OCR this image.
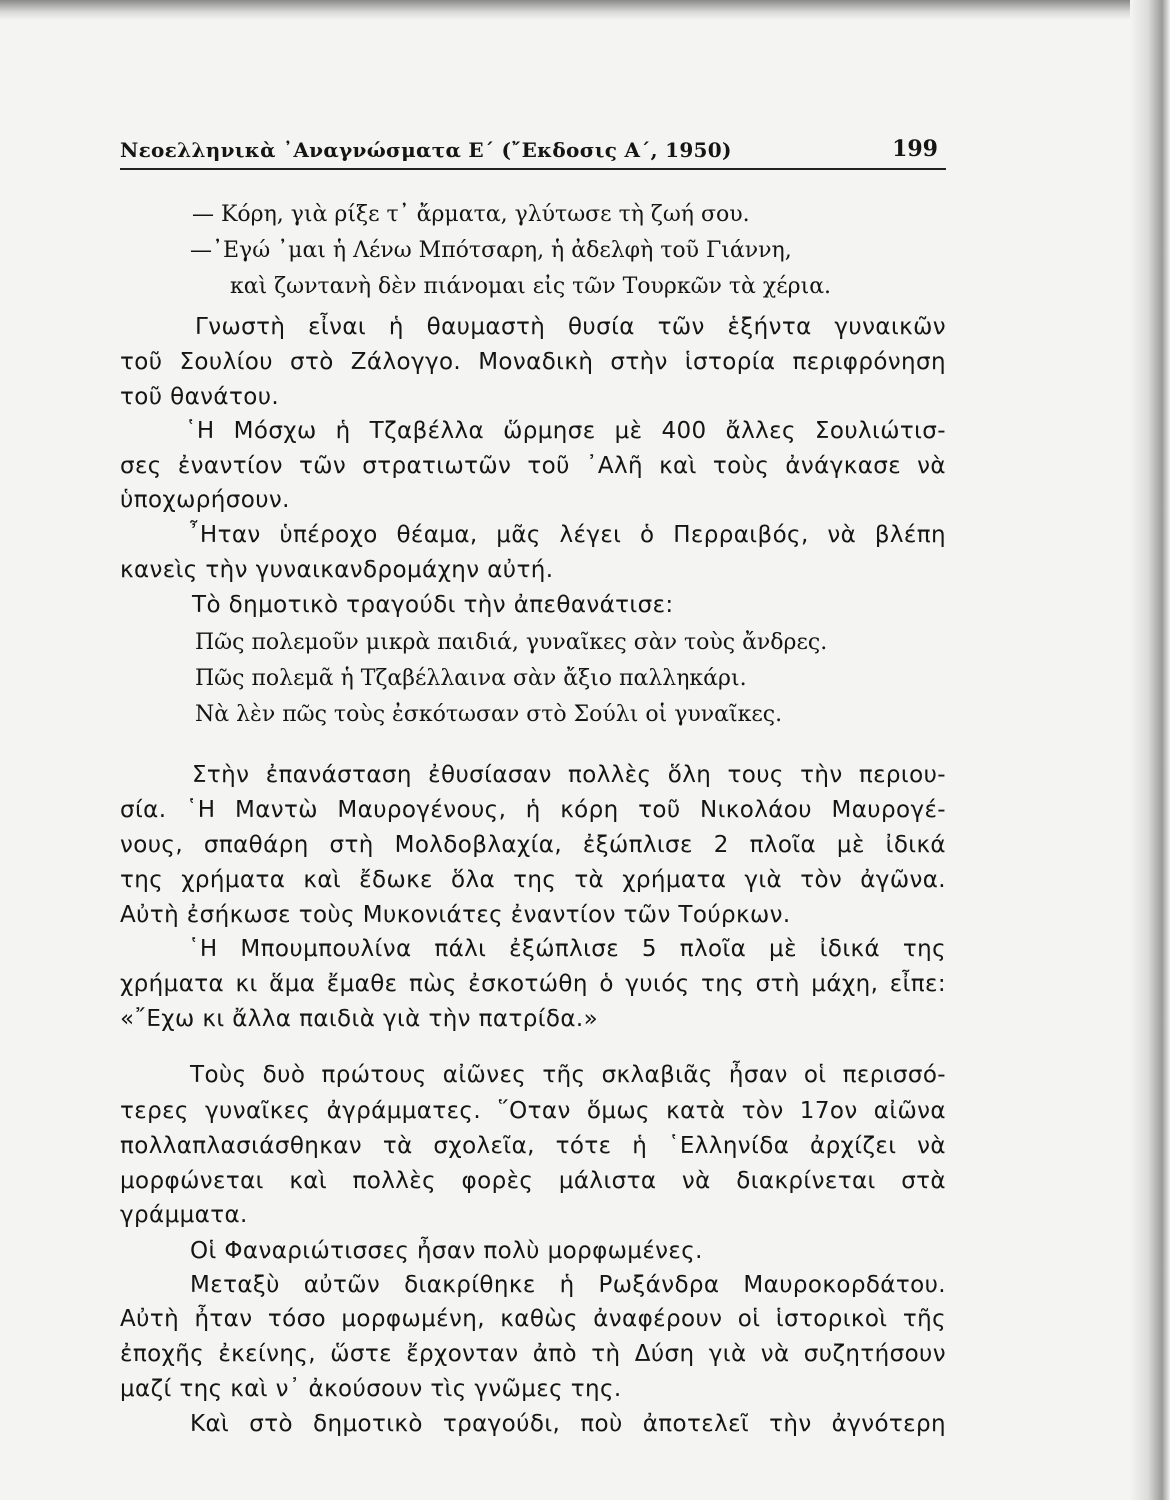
Νεοελληνικὰ ᾿Αναγνώσματα Ε΄ (῎Εκδοσις Α΄, 1950)	199
— Κόρη, γιὰ ρίξε τ᾿ ἄρματα, γλύτωσε τὴ ζωή σου.
—᾿Εγώ ᾿μαι ἡ Λένω Μπότσαρη, ἡ ἀδελφὴ τοῦ Γιάννη,
καὶ ζωντανὴ δὲν πιάνομαι εἰς τῶν Τουρκῶν τὰ χέρια.
Γνωστὴ εἶναι ἡ θαυμαστὴ θυσία τῶν ἑξήντα γυναικῶν
τοῦ Σουλίου στὸ Ζάλογγο. Μοναδικὴ στὴν ἱστορία περιφρόνηση
τοῦ θανάτου.
῾Η Μόσχω ἡ Τζαβέλλα ὥρμησε μὲ 400 ἄλλες Σουλιώτισ-
σες ἐναντίον τῶν στρατιωτῶν τοῦ ᾿Αλῆ καὶ τοὺς ἀνάγκασε νὰ
ὑποχωρήσουν.
῏Ηταν ὑπέροχο θέαμα, μᾶς λέγει ὁ Περραιβός, νὰ βλέπη
κανεὶς τὴν γυναικανδρομάχην αὐτή.
Τὸ δημοτικὸ τραγούδι τὴν ἀπεθανάτισε:
Πῶς πολεμοῦν μικρὰ παιδιά, γυναῖκες σὰν τοὺς ἄνδρες.
Πῶς πολεμᾶ ἡ Τζαβέλλαινα σὰν ἄξιο παλληκάρι.
Νὰ λὲν πῶς τοὺς ἐσκότωσαν στὸ Σούλι οἱ γυναῖκες.
Στὴν ἐπανάσταση ἐθυσίασαν πολλὲς ὅλη τους τὴν περιου-
σία. ῾Η Μαντὼ Μαυρογένους, ἡ κόρη τοῦ Νικολάου Μαυρογέ-
νους, σπαθάρη στὴ Μολδοβλαχία, ἐξώπλισε 2 πλοῖα μὲ ἰδικά
της χρήματα καὶ ἔδωκε ὅλα της τὰ χρήματα γιὰ τὸν ἀγῶνα.
Αὐτὴ ἐσήκωσε τοὺς Μυκονιάτες ἐναντίον τῶν Τούρκων.
῾Η Μπουμπουλίνα πάλι ἐξώπλισε 5 πλοῖα μὲ ἰδικά της
χρήματα κι ἅμα ἔμαθε πὼς ἐσκοτώθη ὁ γυιός της στὴ μάχη, εἶπε:
«῎Εχω κι ἄλλα παιδιὰ γιὰ τὴν πατρίδα.»
Τοὺς δυὸ πρώτους αἰῶνες τῆς σκλαβιᾶς ἦσαν οἱ περισσό-
τερες γυναῖκες ἀγράμματες. ῞Οταν ὅμως κατὰ τὸν 17ον αἰῶνα
πολλαπλασιάσθηκαν τὰ σχολεῖα, τότε ἡ ῾Ελληνίδα ἀρχίζει νὰ
μορφώνεται καὶ πολλὲς φορὲς μάλιστα νὰ διακρίνεται στὰ
γράμματα.
Οἱ Φαναριώτισσες ἦσαν πολὺ μορφωμένες.
Μεταξὺ αὐτῶν διακρίθηκε ἡ Ρωξάνδρα Μαυροκορδάτου.
Αὐτὴ ἦταν τόσο μορφωμένη, καθὼς ἀναφέρουν οἱ ἱστορικοὶ τῆς
ἐποχῆς ἐκείνης, ὥστε ἔρχονταν ἀπὸ τὴ Δύση γιὰ νὰ συζητήσουν
μαζί της καὶ ν᾿ ἀκούσουν τὶς γνῶμες της.
Καὶ στὸ δημοτικὸ τραγούδι, ποὺ ἀποτελεῖ τὴν ἀγνότερη
